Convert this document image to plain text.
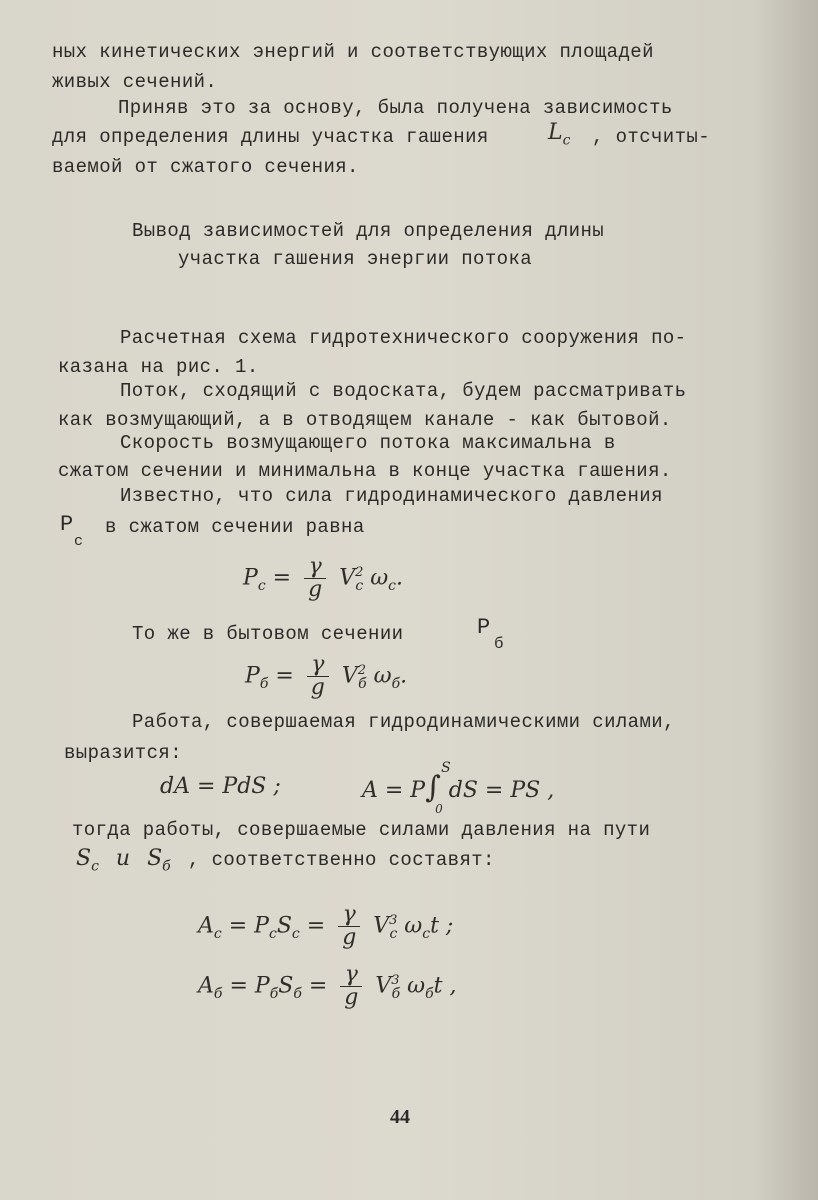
ных кинетических энергий и соответствующих площадей
живых сечений.
Приняв это за основу, была получена зависимость
для определения длины участка гашения	$L_c$ , отсчиты-
ваемой от сжатого сечения.
Вывод зависимостей для определения длины
участка гашения энергии потока
Расчетная схема гидротехнического сооружения по-
казана на рис. 1.
Поток, сходящий с водоската, будем рассматривать
как возмущающий, а в отводящем канале - как бытовой.
Скорость возмущающего потока максимальна в
сжатом сечении и минимальна в конце участка гашения.
Известно, что сила гидродинамического давления
P
c
в сжатом сечении равна
$P_c = \frac{\gamma}{g} V^2_c$ $\omega_c$.
То же в бытовом сечении	P
б
$P_б = \frac{\gamma}{g} V^2_б$ $\omega_б$.
Работа, совершаемая гидродинамическими силами,
выразится:
dA = PdS ;	A = P∫
S
0
dS = PS ,
тогда работы, совершаемые силами давления на пути
$S_c$ и $S_б$ , соответственно составят:
$A_c = P_cS_c = \frac{\gamma}{g} V^3_c$ $\omega_ct$ ;
$A_б = P_бS_б = \frac{\gamma}{g} V^3_б$ $\omega_бt$ ,
44
